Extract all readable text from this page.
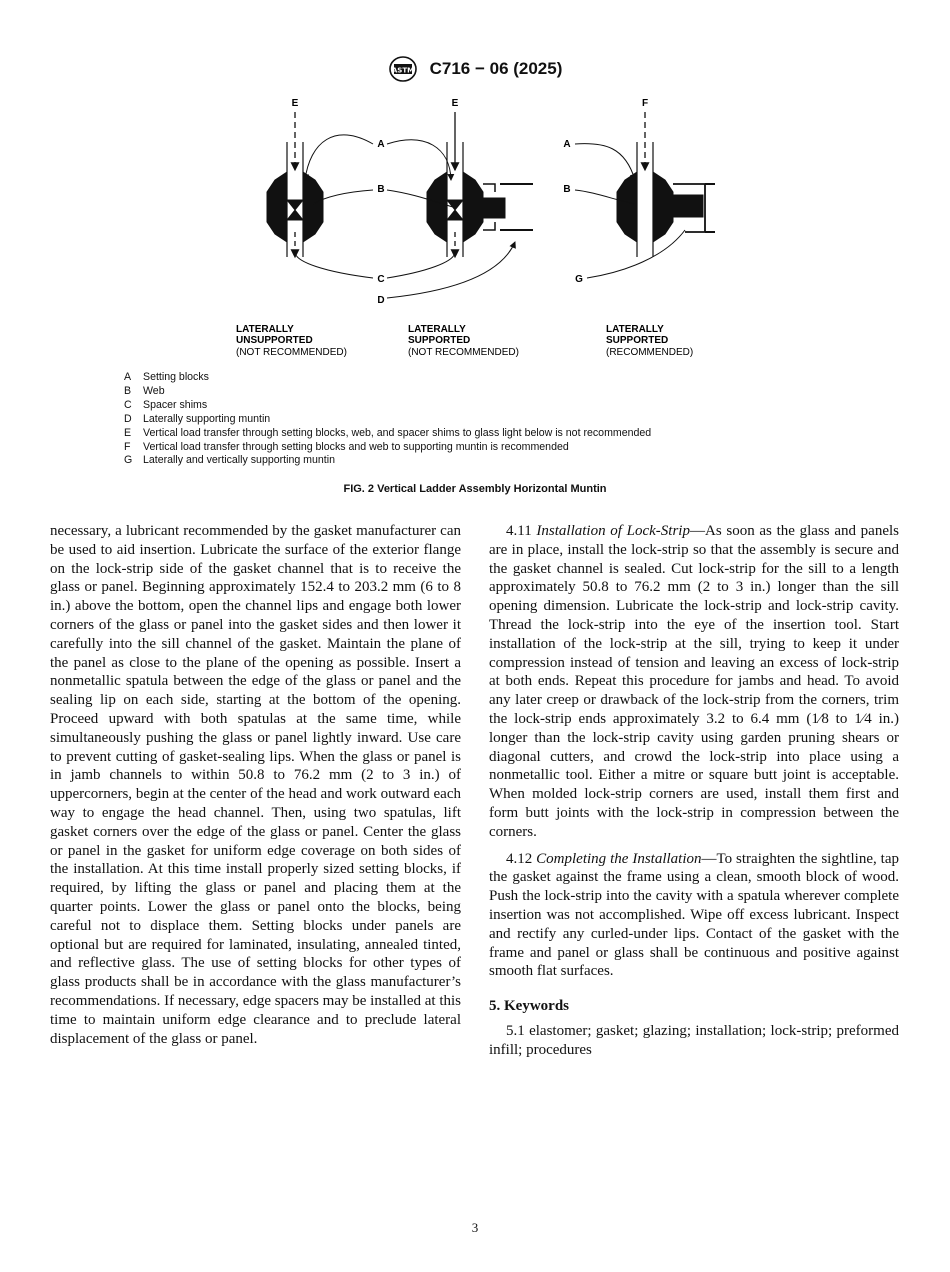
ASTM C716 − 06 (2025)
E	E	F
A
B
C
D
A
B
G
LATERALLY
UNSUPPORTED
(NOT RECOMMENDED)
LATERALLY
SUPPORTED
(NOT RECOMMENDED)
LATERALLY
SUPPORTED
(RECOMMENDED)
A Setting blocks
B Web
C Spacer shims
D Laterally supporting muntin
E Vertical load transfer through setting blocks, web, and spacer shims to glass light below is not recommended
F Vertical load transfer through setting blocks and web to supporting muntin is recommended
G Laterally and vertically supporting muntin
FIG. 2 Vertical Ladder Assembly Horizontal Muntin

necessary, a lubricant recommended by the gasket manufacturer can be used to aid insertion. Lubricate the surface of the exterior flange on the lock-strip side of the gasket channel that is to receive the glass or panel. Beginning approximately 152.4 to 203.2 mm (6 to 8 in.) above the bottom, open the channel lips and engage both lower corners of the glass or panel into the gasket sides and then lower it carefully into the sill channel of the gasket. Maintain the plane of the panel as close to the plane of the opening as possible. Insert a nonmetallic spatula between the edge of the glass or panel and the sealing lip on each side, starting at the bottom of the opening. Proceed upward with both spatulas at the same time, while simultaneously pushing the glass or panel lightly inward. Use care to prevent cutting of gasket-sealing lips. When the glass or panel is in jamb channels to within 50.8 to 76.2 mm (2 to 3 in.) of uppercorners, begin at the center of the head and work outward each way to engage the head channel. Then, using two spatulas, lift gasket corners over the edge of the glass or panel. Center the glass or panel in the gasket for uniform edge coverage on both sides of the installation. At this time install properly sized setting blocks, if required, by lifting the glass or panel and placing them at the quarter points. Lower the glass or panel onto the blocks, being careful not to displace them. Setting blocks under panels are optional but are required for laminated, insulating, annealed tinted, and reflective glass. The use of setting blocks for other types of glass products shall be in accordance with the glass manufacturer’s recommendations. If necessary, edge spacers may be installed at this time to maintain uniform edge clearance and to preclude lateral displacement of the glass or panel.

4.11 Installation of Lock-Strip—As soon as the glass and panels are in place, install the lock-strip so that the assembly is secure and the gasket channel is sealed. Cut lock-strip for the sill to a length approximately 50.8 to 76.2 mm (2 to 3 in.) longer than the sill opening dimension. Lubricate the lock-strip and lock-strip cavity. Thread the lock-strip into the eye of the insertion tool. Start installation of the lock-strip at the sill, trying to keep it under compression instead of tension and leaving an excess of lock-strip at both ends. Repeat this procedure for jambs and head. To avoid any later creep or drawback of the lock-strip from the corners, trim the lock-strip ends approximately 3.2 to 6.4 mm (1⁄8 to 1⁄4 in.) longer than the lock-strip cavity using garden pruning shears or diagonal cutters, and crowd the lock-strip into place using a nonmetallic tool. Either a mitre or square butt joint is acceptable. When molded lock-strip corners are used, install them first and form butt joints with the lock-strip in compression between the corners.

4.12 Completing the Installation—To straighten the sightline, tap the gasket against the frame using a clean, smooth block of wood. Push the lock-strip into the cavity with a spatula wherever complete insertion was not accomplished. Wipe off excess lubricant. Inspect and rectify any curled-under lips. Contact of the gasket with the frame and panel or glass shall be continuous and positive against smooth flat surfaces.

5. Keywords

5.1 elastomer; gasket; glazing; installation; lock-strip; preformed infill; procedures

3
